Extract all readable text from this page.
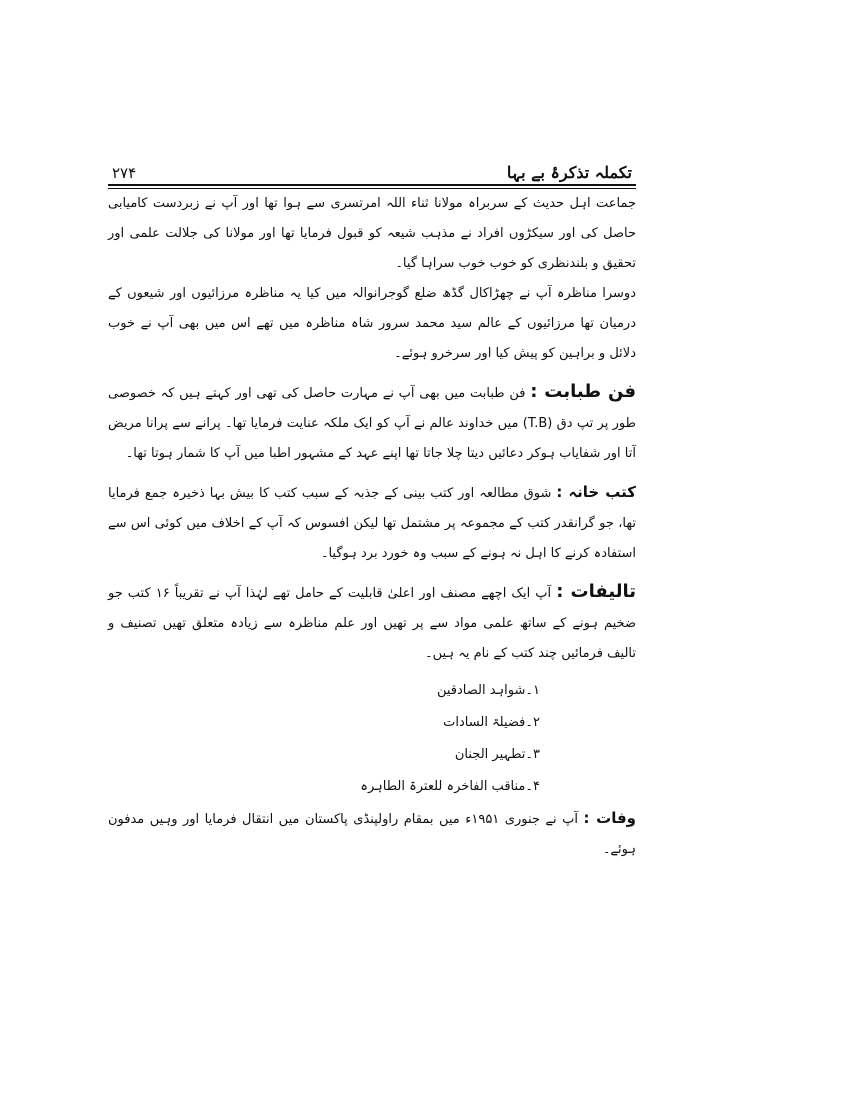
تکملہ تذکرۂ بے بہا
۲۷۴

جماعت اہل حدیث کے سربراہ مولانا ثناء اللہ امرتسری سے ہوا تھا اور آپ نے زبردست کامیابی حاصل کی اور سیکڑوں افراد نے مذہب شیعہ کو قبول فرمایا تھا اور مولانا کی جلالت علمی اور تحقیق و بلندنظری کو خوب خوب سراہا گیا۔

دوسرا مناظرہ آپ نے چھڑاکال گڈھ ضلع گوجرانوالہ میں کیا یہ مناظرہ مرزائیوں اور شیعوں کے درمیان تھا مرزائیوں کے عالم سید محمد سرور شاہ مناظرہ میں تھے اس میں بھی آپ نے خوب دلائل و براہین کو پیش کیا اور سرخرو ہوئے۔

فن طبابت : فن طبابت میں بھی آپ نے مہارت حاصل کی تھی اور کہتے ہیں کہ خصوصی طور پر تپ دق (T.B) میں خداوند عالم نے آپ کو ایک ملکہ عنایت فرمایا تھا۔ پرانے سے پرانا مریض آتا اور شفایاب ہوکر دعائیں دیتا چلا جاتا تھا اپنے عہد کے مشہور اطبا میں آپ کا شمار ہوتا تھا۔

کتب خانہ : شوق مطالعہ اور کتب بینی کے جذبہ کے سبب کتب کا بیش بہا ذخیرہ جمع فرمایا تھا، جو گرانقدر کتب کے مجموعہ پر مشتمل تھا لیکن افسوس کہ آپ کے اخلاف میں کوئی اس سے استفادہ کرنے کا اہل نہ ہونے کے سبب وہ خورد برد ہوگیا۔

تالیفات : آپ ایک اچھے مصنف اور اعلیٰ قابلیت کے حامل تھے لہٰذا آپ نے تقریباً ۱۶ کتب جو ضخیم ہونے کے ساتھ علمی مواد سے پر تھیں اور علم مناظرہ سے زیادہ متعلق تھیں تصنیف و تالیف فرمائیں چند کتب کے نام یہ ہیں۔

۱۔شواہد الصادقین
۲۔فضیلۃ السادات
۳۔تطہیر الجنان
۴۔مناقب الفاخرہ للعترۃ الطاہرہ

وفات : آپ نے جنوری ۱۹۵۱ء میں بمقام راولپنڈی پاکستان میں انتقال فرمایا اور وہیں مدفون ہوئے۔
